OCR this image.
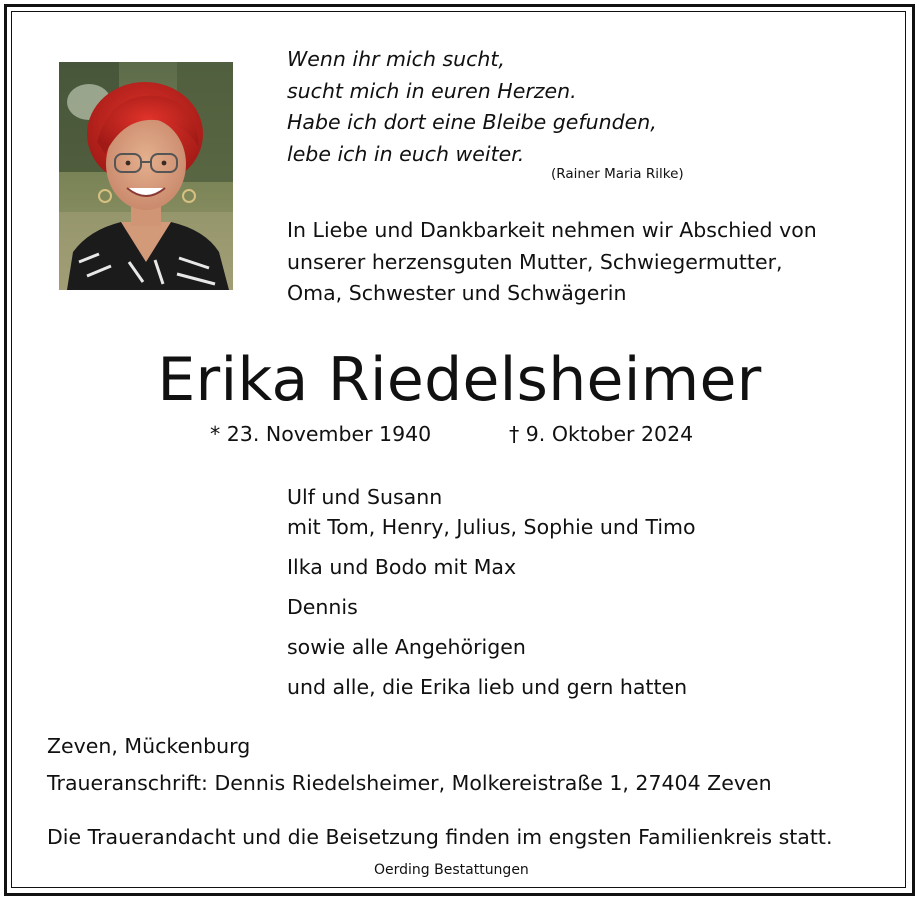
Wenn ihr mich sucht,
sucht mich in euren Herzen.
Habe ich dort eine Bleibe gefunden,
lebe ich in euch weiter.
(Rainer Maria Rilke)
In Liebe und Dankbarkeit nehmen wir Abschied von
unserer herzensguten Mutter, Schwiegermutter,
Oma, Schwester und Schwägerin
Erika Riedelsheimer
* 23. November 1940	† 9. Oktober 2024
Ulf und Susann
mit Tom, Henry, Julius, Sophie und Timo
Ilka und Bodo mit Max
Dennis
sowie alle Angehörigen
und alle, die Erika lieb und gern hatten
Zeven, Mückenburg
Traueranschrift: Dennis Riedelsheimer, Molkereistraße 1, 27404 Zeven
Die Trauerandacht und die Beisetzung finden im engsten Familienkreis statt.
Oerding Bestattungen
